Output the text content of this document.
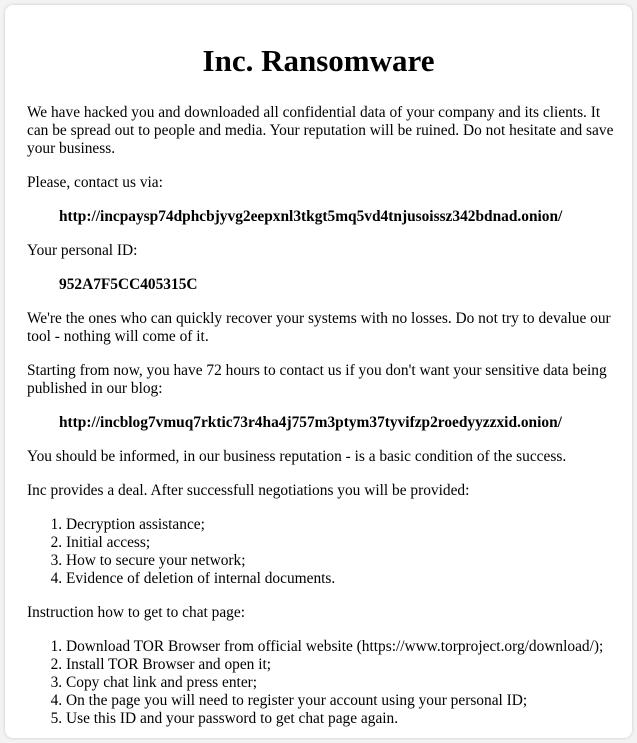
Inc. Ransomware

We have hacked you and downloaded all confidential data of your company and its clients. It can be spread out to people and media. Your reputation will be ruined. Do not hesitate and save your business.

Please, contact us via:

http://incpaysp74dphcbjyvg2eepxnl3tkgt5mq5vd4tnjusoissz342bdnad.onion/

Your personal ID:

952A7F5CC405315C

We're the ones who can quickly recover your systems with no losses. Do not try to devalue our tool - nothing will come of it.

Starting from now, you have 72 hours to contact us if you don't want your sensitive data being published in our blog:

http://incblog7vmuq7rktic73r4ha4j757m3ptym37tyvifzp2roedyyzzxid.onion/

You should be informed, in our business reputation - is a basic condition of the success.

Inc provides a deal. After successfull negotiations you will be provided:

1. Decryption assistance;
2. Initial access;
3. How to secure your network;
4. Evidence of deletion of internal documents.

Instruction how to get to chat page:

1. Download TOR Browser from official website (https://www.torproject.org/download/);
2. Install TOR Browser and open it;
3. Copy chat link and press enter;
4. On the page you will need to register your account using your personal ID;
5. Use this ID and your password to get chat page again.
